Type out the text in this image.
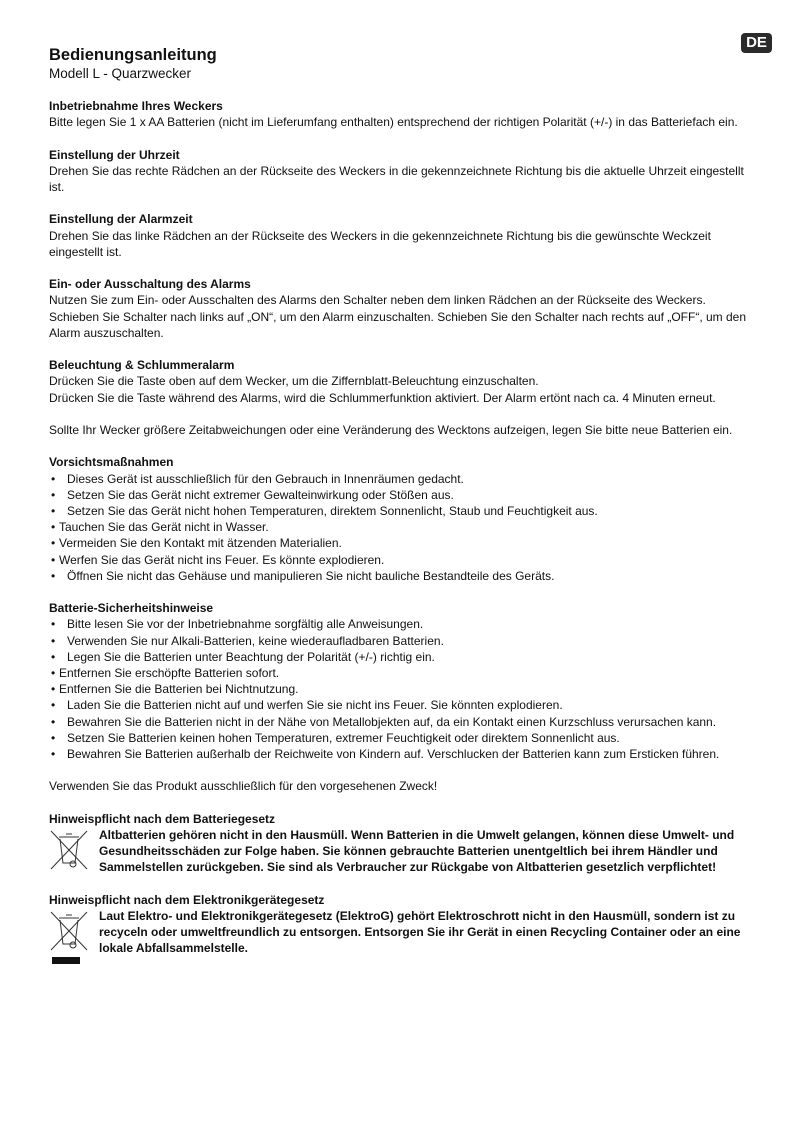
DE
Bedienungsanleitung
Modell L - Quarzwecker
Inbetriebnahme Ihres Weckers

Bitte legen Sie 1 x AA Batterien (nicht im Lieferumfang enthalten) entsprechend der richtigen Polarität (+/-) in das Batteriefach ein.

Einstellung der Uhrzeit

Drehen Sie das rechte Rädchen an der Rückseite des Weckers in die gekennzeichnete Richtung bis die aktuelle Uhrzeit eingestellt ist.

Einstellung der Alarmzeit

Drehen Sie das linke Rädchen an der Rückseite des Weckers in die gekennzeichnete Richtung bis die gewünschte Weckzeit eingestellt ist.

Ein- oder Ausschaltung des Alarms

Nutzen Sie zum Ein- oder Ausschalten des Alarms den Schalter neben dem linken Rädchen an der Rückseite des Weckers.

Schieben Sie Schalter nach links auf „ON“, um den Alarm einzuschalten. Schieben Sie den Schalter nach rechts auf „OFF“, um den Alarm auszuschalten.

Beleuchtung & Schlummeralarm

Drücken Sie die Taste oben auf dem Wecker, um die Ziffernblatt-Beleuchtung einzuschalten.

Drücken Sie die Taste während des Alarms, wird die Schlummerfunktion aktiviert. Der Alarm ertönt nach ca. 4 Minuten erneut.

Sollte Ihr Wecker größere Zeitabweichungen oder eine Veränderung des Wecktons aufzeigen, legen Sie bitte neue Batterien ein.

Vorsichtsmaßnahmen
• Dieses Gerät ist ausschließlich für den Gebrauch in Innenräumen gedacht.
• Setzen Sie das Gerät nicht extremer Gewalteinwirkung oder Stößen aus.
• Setzen Sie das Gerät nicht hohen Temperaturen, direktem Sonnenlicht, Staub und Feuchtigkeit aus.
• Tauchen Sie das Gerät nicht in Wasser.
• Vermeiden Sie den Kontakt mit ätzenden Materialien.
• Werfen Sie das Gerät nicht ins Feuer. Es könnte explodieren.
• Öffnen Sie nicht das Gehäuse und manipulieren Sie nicht bauliche Bestandteile des Geräts.
Batterie-Sicherheitshinweise
• Bitte lesen Sie vor der Inbetriebnahme sorgfältig alle Anweisungen.
• Verwenden Sie nur Alkali-Batterien, keine wiederaufladbaren Batterien.
• Legen Sie die Batterien unter Beachtung der Polarität (+/-) richtig ein.
• Entfernen Sie erschöpfte Batterien sofort.
• Entfernen Sie die Batterien bei Nichtnutzung.
• Laden Sie die Batterien nicht auf und werfen Sie sie nicht ins Feuer. Sie könnten explodieren.
• Bewahren Sie die Batterien nicht in der Nähe von Metallobjekten auf, da ein Kontakt einen Kurzschluss verursachen kann.
• Setzen Sie Batterien keinen hohen Temperaturen, extremer Feuchtigkeit oder direktem Sonnenlicht aus.
• Bewahren Sie Batterien außerhalb der Reichweite von Kindern auf. Verschlucken der Batterien kann zum Ersticken führen.

Verwenden Sie das Produkt ausschließlich für den vorgesehenen Zweck!

Hinweispflicht nach dem Batteriegesetz

Altbatterien gehören nicht in den Hausmüll. Wenn Batterien in die Umwelt gelangen, können diese Umwelt- und Gesundheitsschäden zur Folge haben. Sie können gebrauchte Batterien unentgeltlich bei ihrem Händler und Sammelstellen zurückgeben. Sie sind als Verbraucher zur Rückgabe von Altbatterien gesetzlich verpflichtet!

Hinweispflicht nach dem Elektronikgerätegesetz

Laut Elektro- und Elektronikgerätegesetz (ElektroG) gehört Elektroschrott nicht in den Hausmüll, sondern ist zu recyceln oder umweltfreundlich zu entsorgen. Entsorgen Sie ihr Gerät in einen Recycling Container oder an eine lokale Abfallsammelstelle.
